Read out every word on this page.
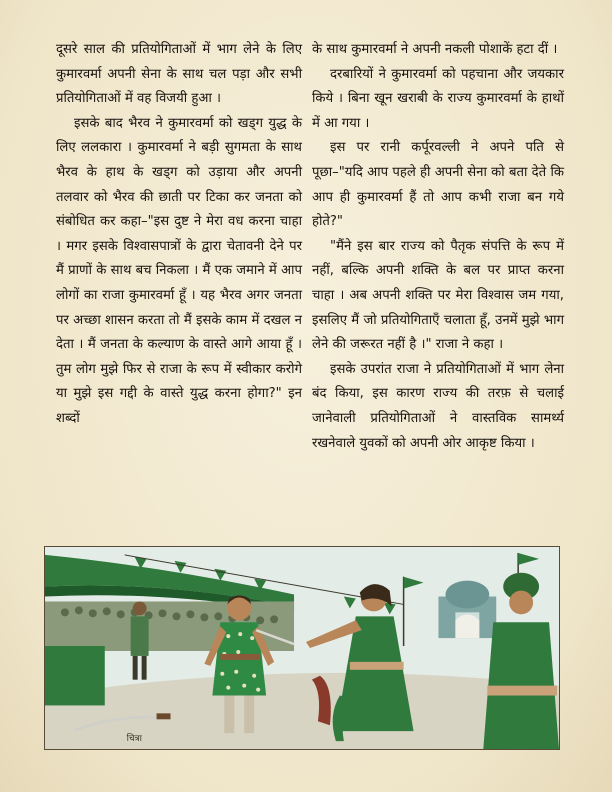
दूसरे साल की प्रतियोगिताओं में भाग लेने के लिए कुमारवर्मा अपनी सेना के साथ चल पड़ा और सभी प्रतियोगिताओं में वह विजयी हुआ ।

इसके बाद भैरव ने कुमारवर्मा को खड्ग युद्ध के लिए ललकारा । कुमारवर्मा ने बड़ी सुगमता के साथ भैरव के हाथ के खड्ग को उड़ाया और अपनी तलवार को भैरव की छाती पर टिका कर जनता को संबोधित कर कहा–"इस दुष्ट ने मेरा वध करना चाहा । मगर इसके विश्वासपात्रों के द्वारा चेतावनी देने पर मैं प्राणों के साथ बच निकला । मैं एक जमाने में आप लोगों का राजा कुमारवर्मा हूँ । यह भैरव अगर जनता पर अच्छा शासन करता तो मैं इसके काम में दखल न देता । मैं जनता के कल्याण के वास्ते आगे आया हूँ । तुम लोग मुझे फिर से राजा के रूप में स्वीकार करोगे या मुझे इस गद्दी के वास्ते युद्ध करना होगा?" इन शब्दों

के साथ कुमारवर्मा ने अपनी नकली पोशाकें हटा दीं ।

दरबारियों ने कुमारवर्मा को पहचाना और जयकार किये । बिना खून खराबी के राज्य कुमारवर्मा के हाथों में आ गया ।

इस पर रानी कर्पूरवल्ली ने अपने पति से पूछा–"यदि आप पहले ही अपनी सेना को बता देते कि आप ही कुमारवर्मा हैं तो आप कभी राजा बन गये होते?"

"मैंने इस बार राज्य को पैतृक संपत्ति के रूप में नहीं, बल्कि अपनी शक्ति के बल पर प्राप्त करना चाहा । अब अपनी शक्ति पर मेरा विश्वास जम गया, इसलिए मैं जो प्रतियोगिताएँ चलाता हूँ, उनमें मुझे भाग लेने की जरूरत नहीं है ।" राजा ने कहा ।

इसके उपरांत राजा ने प्रतियोगिताओं में भाग लेना बंद किया, इस कारण राज्य की तरफ़ से चलाई जानेवाली प्रतियोगिताओं ने वास्तविक सामर्थ्य रखनेवाले युवकों को अपनी ओर आकृष्ट किया ।

चित्रा
